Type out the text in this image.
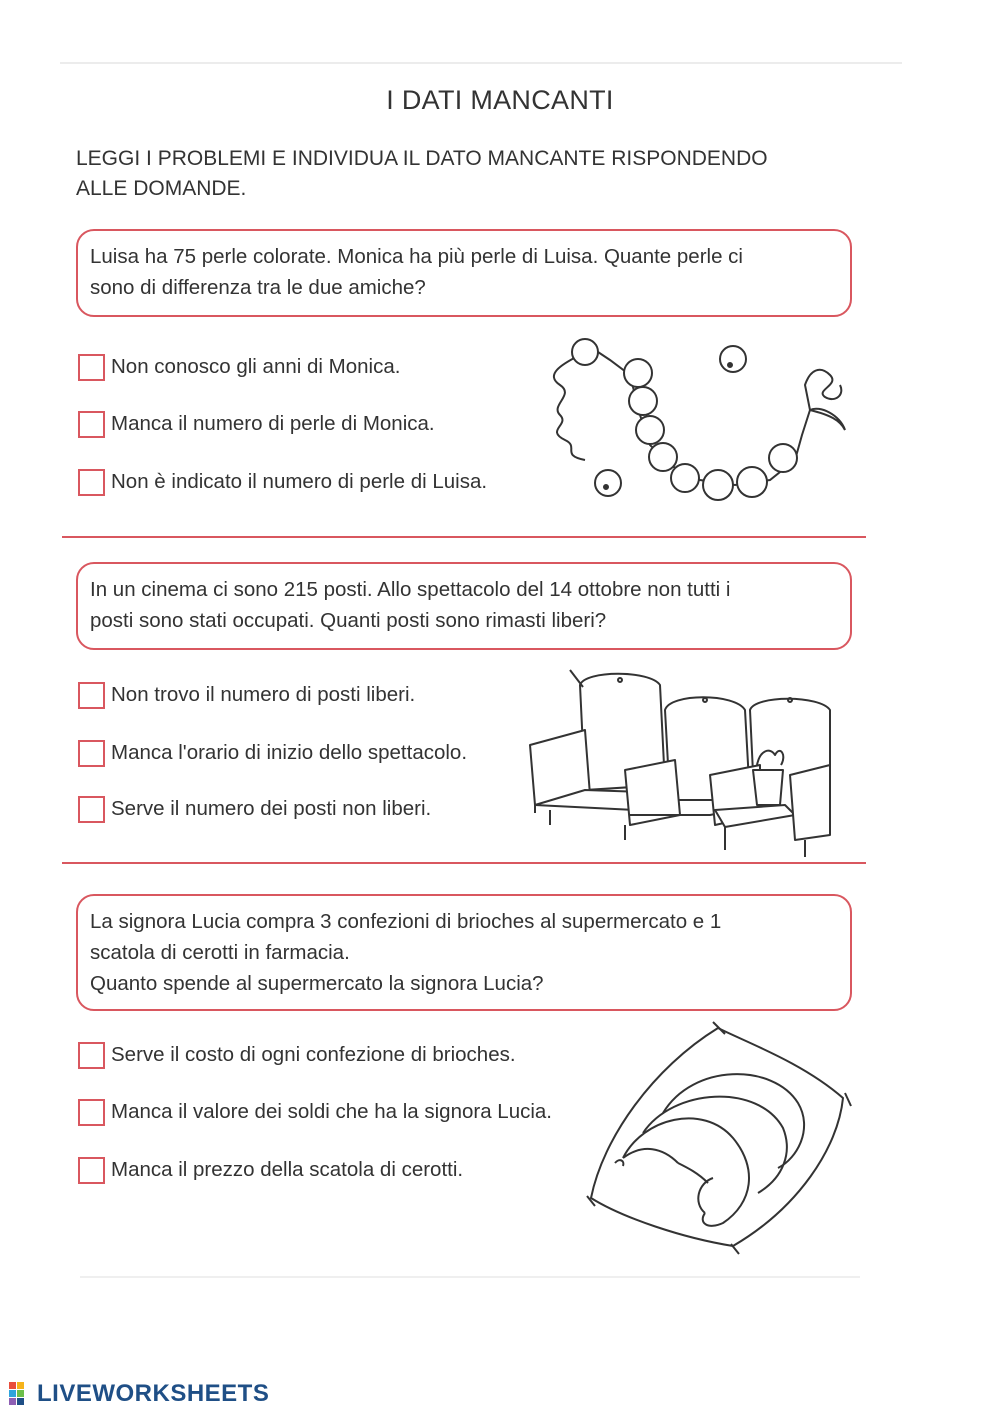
I DATI MANCANTI
LEGGI I PROBLEMI E INDIVIDUA IL DATO MANCANTE RISPONDENDO
ALLE DOMANDE.
Luisa ha 75 perle colorate. Monica ha più perle di Luisa. Quante perle ci
sono di differenza tra le due amiche?
Non conosco gli anni di Monica.
Manca il numero di perle di Monica.
Non è indicato il numero di perle di Luisa.
In un cinema ci sono 215 posti. Allo spettacolo del 14 ottobre non tutti i
posti sono stati occupati. Quanti posti sono rimasti liberi?
Non trovo il numero di posti liberi.
Manca l'orario di inizio dello spettacolo.
Serve il numero dei posti non liberi.
La signora Lucia compra 3 confezioni di brioches al supermercato e 1
scatola di cerotti in farmacia.
Quanto spende al supermercato la signora Lucia?
Serve il costo di ogni confezione di brioches.
Manca il valore dei soldi che ha la signora Lucia.
Manca il prezzo della scatola di cerotti.
LIVEWORKSHEETS
